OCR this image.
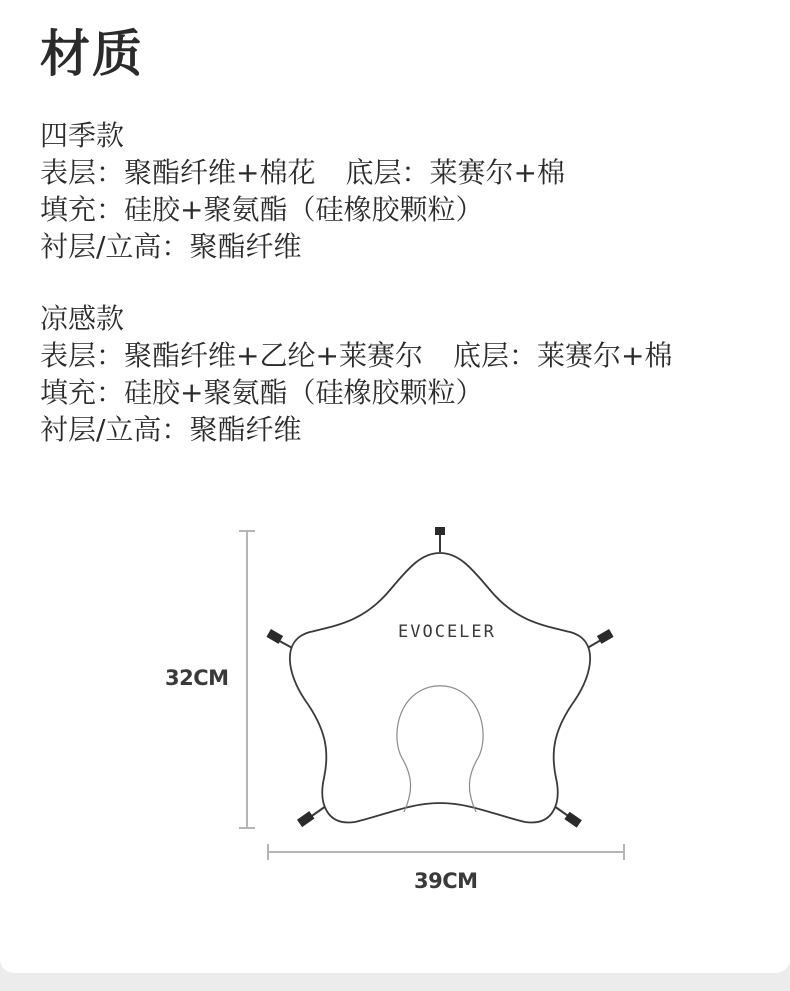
材质
四季款
表层：聚酯纤维+棉花 底层：莱赛尔+棉
填充：硅胶+聚氨酯（硅橡胶颗粒）
衬层/立高：聚酯纤维
凉感款
表层：聚酯纤维+乙纶+莱赛尔 底层：莱赛尔+棉
填充：硅胶+聚氨酯（硅橡胶颗粒）
衬层/立高：聚酯纤维
EVOCELER
32CM
39CM
